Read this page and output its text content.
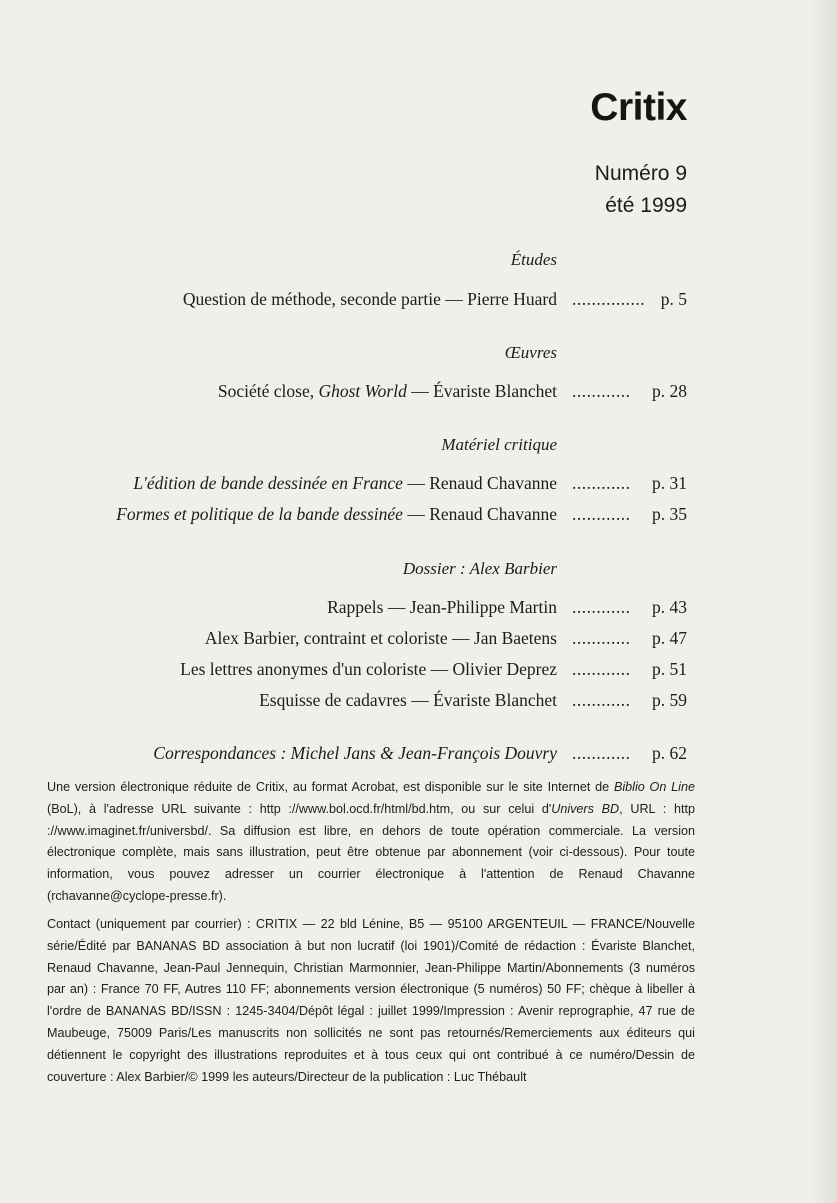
Critix
Numéro 9
été 1999
Études
Question de méthode, seconde partie — Pierre Huard ............... p. 5
Œuvres
Société close, Ghost World — Évariste Blanchet ............ p. 28
Matériel critique
L'édition de bande dessinée en France — Renaud Chavanne ............ p. 31
Formes et politique de la bande dessinée — Renaud Chavanne ............ p. 35
Dossier : Alex Barbier
Rappels — Jean-Philippe Martin ............ p. 43
Alex Barbier, contraint et coloriste — Jan Baetens ............ p. 47
Les lettres anonymes d'un coloriste — Olivier Deprez ............ p. 51
Esquisse de cadavres — Évariste Blanchet ............ p. 59
Correspondances : Michel Jans & Jean-François Douvry ............ p. 62
Une version électronique réduite de Critix, au format Acrobat, est disponible sur le site Internet de Biblio On Line (BoL), à l'adresse URL suivante : http ://www.bol.ocd.fr/html/bd.htm, ou sur celui d'Univers BD, URL : http ://www.imaginet.fr/universbd/. Sa diffusion est libre, en dehors de toute opération commerciale. La version électronique complète, mais sans illustration, peut être obtenue par abonnement (voir ci-dessous). Pour toute information, vous pouvez adresser un courrier électronique à l'attention de Renaud Chavanne (rchavanne@cyclope-presse.fr).
Contact (uniquement par courrier) : CRITIX — 22 bld Lénine, B5 — 95100 ARGENTEUIL — FRANCE/Nouvelle série/Édité par BANANAS BD association à but non lucratif (loi 1901)/Comité de rédaction : Évariste Blanchet, Renaud Chavanne, Jean-Paul Jennequin, Christian Marmonnier, Jean-Philippe Martin/Abonnements (3 numéros par an) : France 70 FF, Autres 110 FF; abonnements version électronique (5 numéros) 50 FF; chèque à libeller à l'ordre de BANANAS BD/ISSN : 1245-3404/Dépôt légal : juillet 1999/Impression : Avenir reprographie, 47 rue de Maubeuge, 75009 Paris/Les manuscrits non sollicités ne sont pas retournés/Remerciements aux éditeurs qui détiennent le copyright des illustrations reproduites et à tous ceux qui ont contribué à ce numéro/Dessin de couverture : Alex Barbier/© 1999 les auteurs/Directeur de la publication : Luc Thébault
